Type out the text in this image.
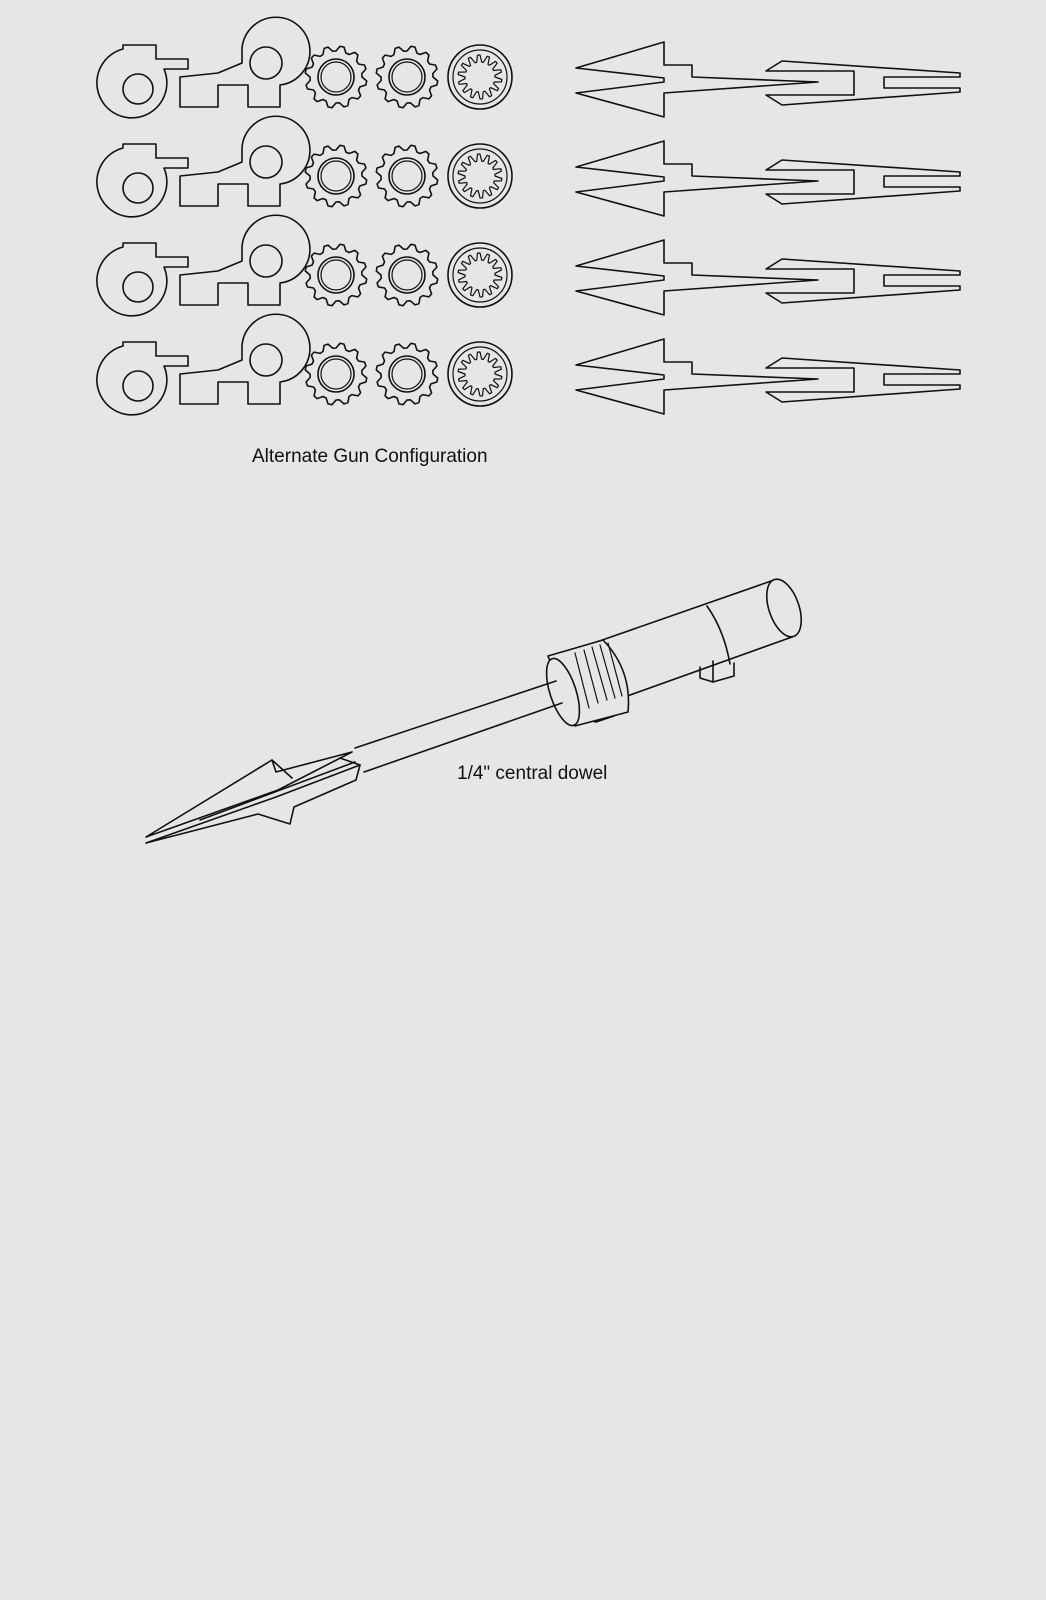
Alternate Gun Configuration
1/4" central dowel
